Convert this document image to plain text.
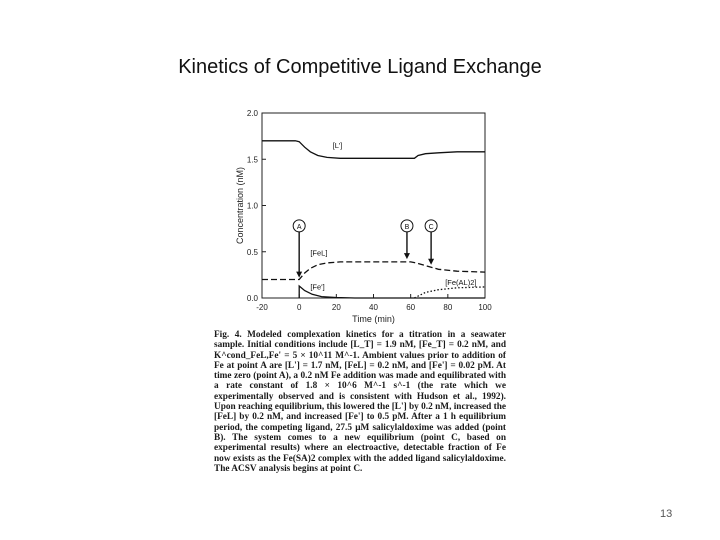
Kinetics of Competitive Ligand Exchange
-20	0	20	40	60	80	100
0.0
0.5
1.0
1.5
2.0
A	B	C
Time (min)
Concentration (nM)
[L']
[FeL]
[Fe']
[Fe(AL)2]
Fig. 4. Modeled complexation kinetics for a titration in a seawater sample. Initial conditions include [L_T] = 1.9 nM, [Fe_T] = 0.2 nM, and K^cond_FeL,Fe' = 5 × 10^11 M^-1. Ambient values prior to addition of Fe at point A are [L'] = 1.7 nM, [FeL] = 0.2 nM, and [Fe'] = 0.02 pM. At time zero (point A), a 0.2 nM Fe addition was made and equilibrated with a rate constant of 1.8 × 10^6 M^-1 s^-1 (the rate which we experimentally observed and is consistent with Hudson et al., 1992). Upon reaching equilibrium, this lowered the [L'] by 0.2 nM, increased the [FeL] by 0.2 nM, and increased [Fe'] to 0.5 pM. After a 1 h equilibrium period, the competing ligand, 27.5 μM salicylaldoxime was added (point B). The system comes to a new equilibrium (point C, based on experimental results) where an electroactive, detectable fraction of Fe now exists as the Fe(SA)2 complex with the added ligand salicylaldoxime. The ACSV analysis begins at point C.
13
